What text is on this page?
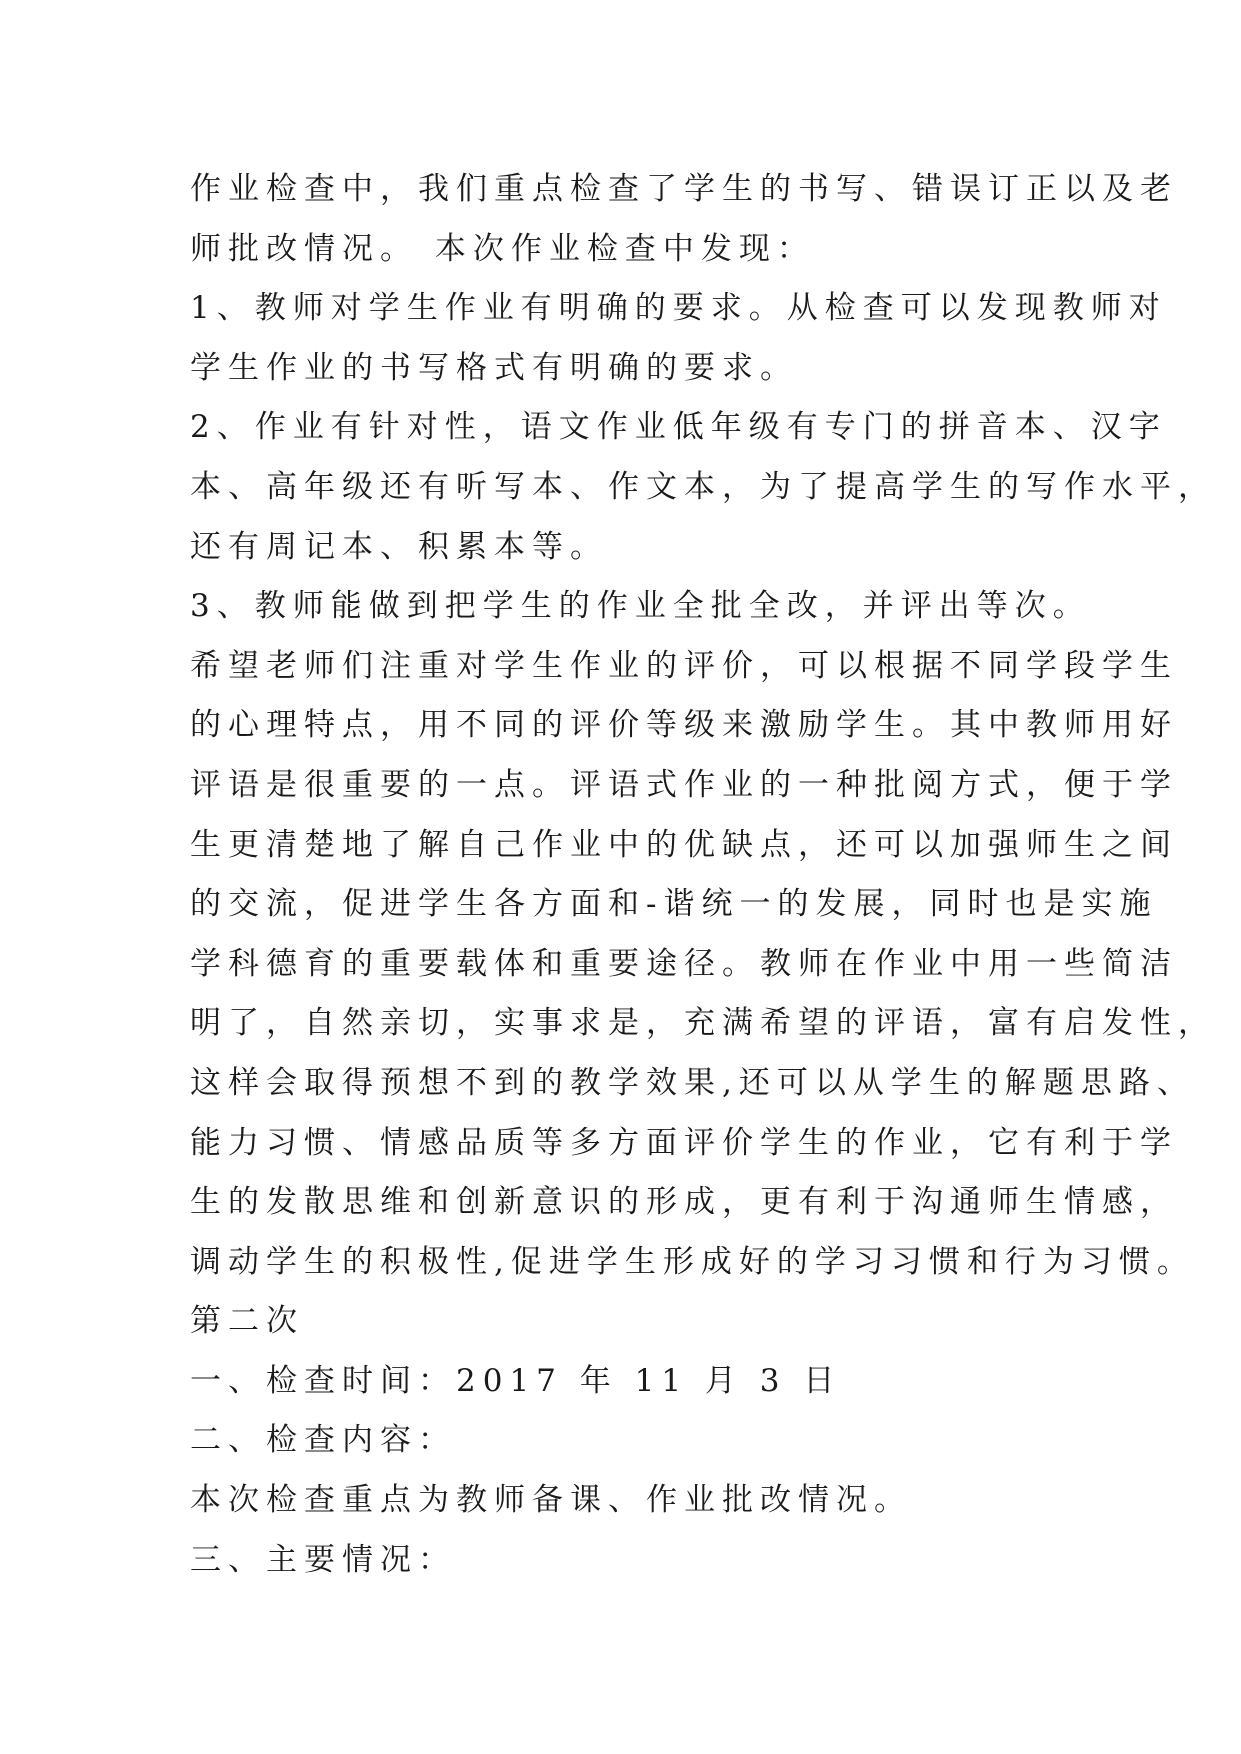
作业检查中，我们重点检查了学生的书写、错误订正以及老
师批改情况。 本次作业检查中发现：
1、教师对学生作业有明确的要求。从检查可以发现教师对
学生作业的书写格式有明确的要求。
2、作业有针对性，语文作业低年级有专门的拼音本、汉字
本、高年级还有听写本、作文本，为了提高学生的写作水平，
还有周记本、积累本等。
3、教师能做到把学生的作业全批全改，并评出等次。
希望老师们注重对学生作业的评价，可以根据不同学段学生
的心理特点，用不同的评价等级来激励学生。其中教师用好
评语是很重要的一点。评语式作业的一种批阅方式，便于学
生更清楚地了解自己作业中的优缺点，还可以加强师生之间
的交流，促进学生各方面和-谐统一的发展，同时也是实施
学科德育的重要载体和重要途径。教师在作业中用一些简洁
明了，自然亲切，实事求是，充满希望的评语，富有启发性，
这样会取得预想不到的教学效果,还可以从学生的解题思路、
能力习惯、情感品质等多方面评价学生的作业，它有利于学
生的发散思维和创新意识的形成，更有利于沟通师生情感，
调动学生的积极性,促进学生形成好的学习习惯和行为习惯。
第二次
一、检查时间：2017 年 11 月 3 日
二、检查内容：
本次检查重点为教师备课、作业批改情况。
三、主要情况：
